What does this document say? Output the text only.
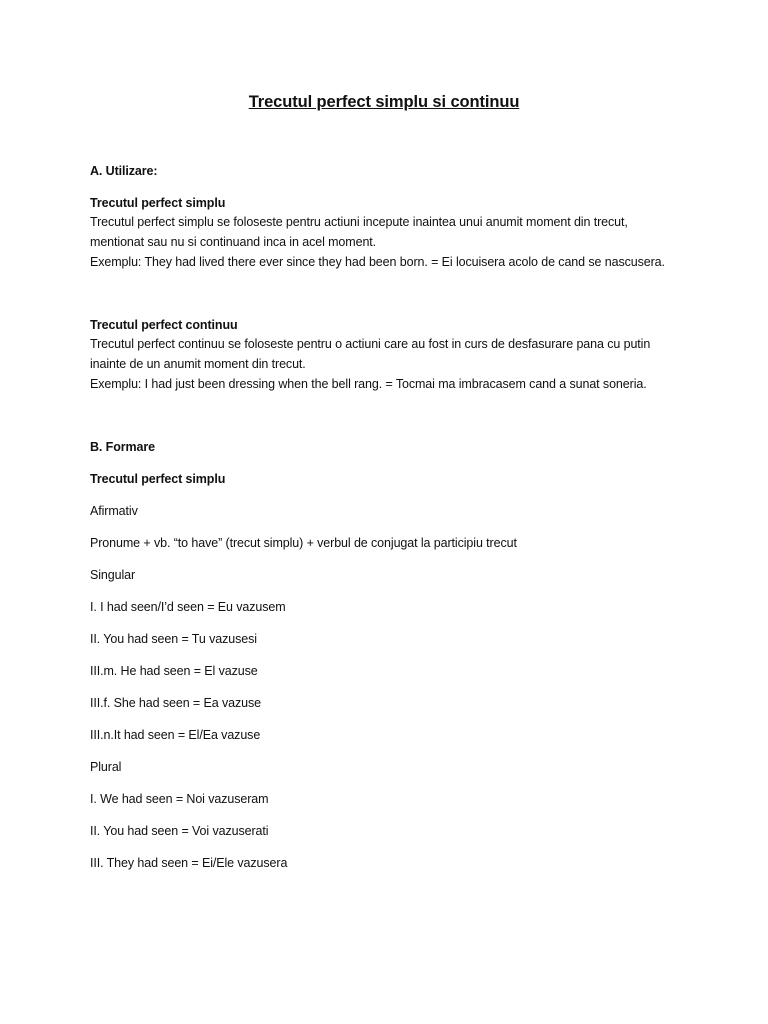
Trecutul perfect simplu si continuu
A. Utilizare:
Trecutul perfect simplu
Trecutul perfect simplu se foloseste pentru actiuni incepute inaintea unui anumit moment din trecut,
mentionat sau nu si continuand inca in acel moment.
Exemplu: They had lived there ever since they had been born. = Ei locuisera acolo de cand se nascusera.
Trecutul perfect continuu
Trecutul perfect continuu se foloseste pentru o actiuni care au fost in curs de desfasurare pana cu putin
inainte de un anumit moment din trecut.
Exemplu: I had just been dressing when the bell rang. = Tocmai ma imbracasem cand a sunat soneria.
B. Formare
Trecutul perfect simplu
Afirmativ
Pronume + vb. “to have” (trecut simplu) + verbul de conjugat la participiu trecut
Singular
I. I had seen/I’d seen = Eu vazusem
II. You had seen = Tu vazusesi
III.m. He had seen = El vazuse
III.f. She had seen = Ea vazuse
III.n.It had seen = El/Ea vazuse
Plural
I. We had seen = Noi vazuseram
II. You had seen = Voi vazuserati
III. They had seen = Ei/Ele vazusera
